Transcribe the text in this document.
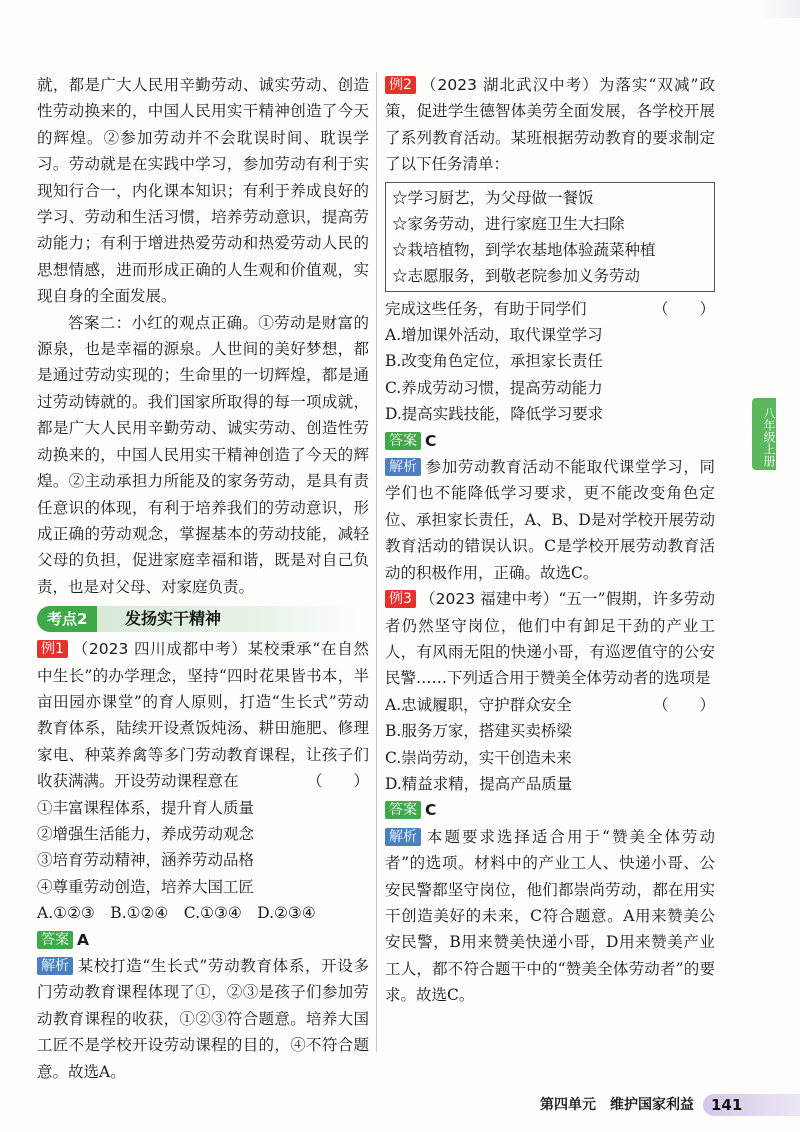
就，都是广大人民用辛勤劳动、诚实劳动、创造性劳动换来的，中国人民用实干精神创造了今天的辉煌。②参加劳动并不会耽误时间、耽误学习。劳动就是在实践中学习，参加劳动有利于实现知行合一，内化课本知识；有利于养成良好的学习、劳动和生活习惯，培养劳动意识，提高劳动能力；有利于增进热爱劳动和热爱劳动人民的思想情感，进而形成正确的人生观和价值观，实现自身的全面发展。

答案二：小红的观点正确。①劳动是财富的源泉，也是幸福的源泉。人世间的美好梦想，都是通过劳动实现的；生命里的一切辉煌，都是通过劳动铸就的。我们国家所取得的每一项成就，都是广大人民用辛勤劳动、诚实劳动、创造性劳动换来的，中国人民用实干精神创造了今天的辉煌。②主动承担力所能及的家务劳动，是具有责任意识的体现，有利于培养我们的劳动意识，形成正确的劳动观念，掌握基本的劳动技能，减轻父母的负担，促进家庭幸福和谐，既是对自己负责，也是对父母、对家庭负责。

考点2	发扬实干精神

例1 （2023 四川成都中考）某校秉承“在自然中生长”的办学理念，坚持“四时花果皆书本，半亩田园亦课堂”的育人原则，打造“生长式”劳动教育体系，陆续开设煮饭炖汤、耕田施肥、修理家电、种菜养禽等多门劳动教育课程，让孩子们收获满满。开设劳动课程意在	（　　）

①丰富课程体系，提升育人质量

②增强生活能力，养成劳动观念

③培育劳动精神，涵养劳动品格

④尊重劳动创造，培养大国工匠

A.①②③　B.①②④　C.①③④　D.②③④

答案 A

解析 某校打造“生长式”劳动教育体系，开设多门劳动教育课程体现了①，②③是孩子们参加劳动教育课程的收获，①②③符合题意。培养大国工匠不是学校开设劳动课程的目的，④不符合题意。故选A。

例2 （2023 湖北武汉中考）为落实“双减”政策，促进学生德智体美劳全面发展，各学校开展了系列教育活动。某班根据劳动教育的要求制定了以下任务清单：

☆学习厨艺，为父母做一餐饭

☆家务劳动，进行家庭卫生大扫除

☆栽培植物，到学农基地体验蔬菜种植

☆志愿服务，到敬老院参加义务劳动

完成这些任务，有助于同学们	（　　）

A.增加课外活动，取代课堂学习

B.改变角色定位，承担家长责任

C.养成劳动习惯，提高劳动能力

D.提高实践技能，降低学习要求

答案 C

解析 参加劳动教育活动不能取代课堂学习，同学们也不能降低学习要求，更不能改变角色定位、承担家长责任，A、B、D是对学校开展劳动教育活动的错误认识。C是学校开展劳动教育活动的积极作用，正确。故选C。

例3 （2023 福建中考）“五一”假期，许多劳动者仍然坚守岗位，他们中有卸足干劲的产业工人，有风雨无阻的快递小哥，有巡逻值守的公安民警……下列适合用于赞美全体劳动者的选项是
（　　）

A.忠诚履职，守护群众安全

B.服务万家，搭建买卖桥梁

C.崇尚劳动，实干创造未来

D.精益求精，提高产品质量

答案 C

解析 本题要求选择适合用于“赞美全体劳动者”的选项。材料中的产业工人、快递小哥、公安民警都坚守岗位，他们都崇尚劳动，都在用实干创造美好的未来，C符合题意。A用来赞美公安民警，B用来赞美快递小哥，D用来赞美产业工人，都不符合题干中的“赞美全体劳动者”的要求。故选C。

八年级上册
第四单元　维护国家利益 141
